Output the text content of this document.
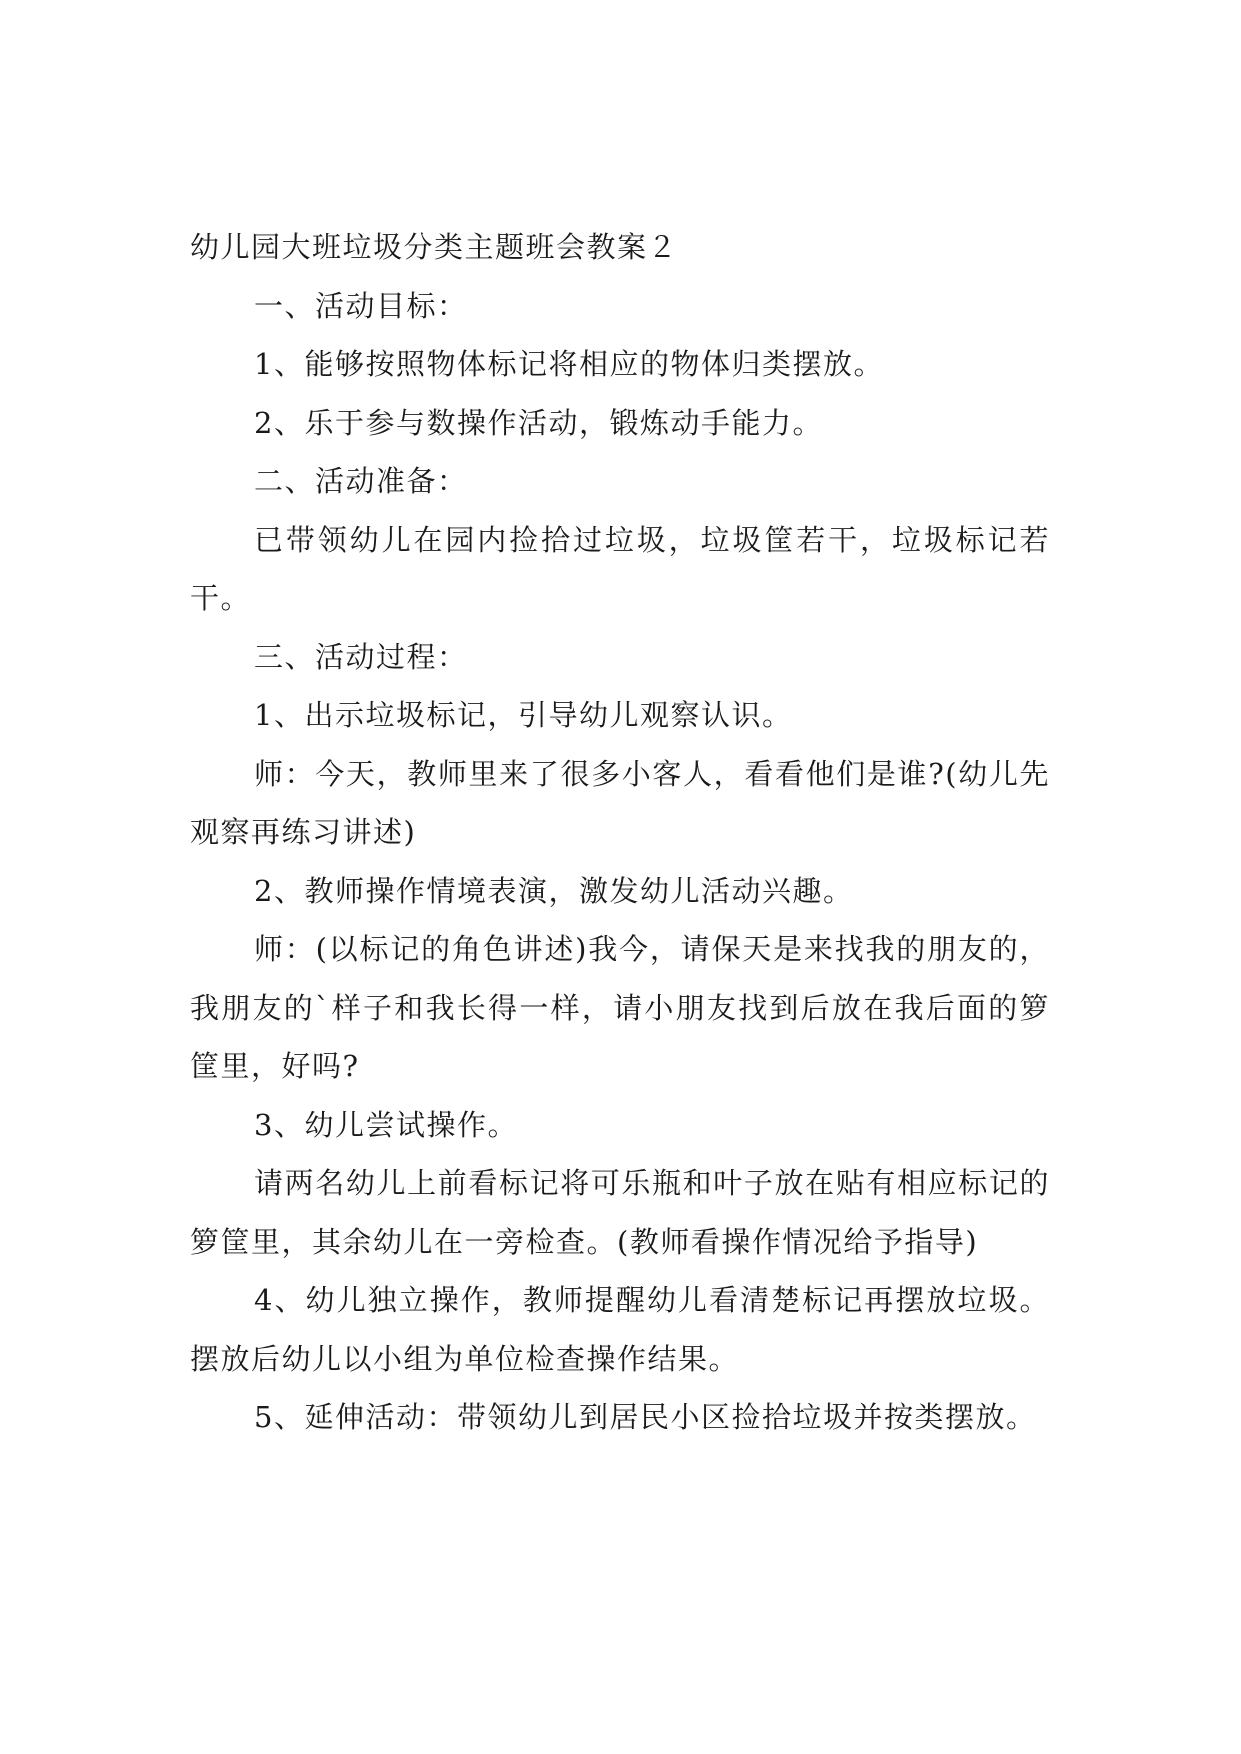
幼儿园大班垃圾分类主题班会教案２
一、活动目标：
1、能够按照物体标记将相应的物体归类摆放。
2、乐于参与数操作活动，锻炼动手能力。
二、活动准备：
已带领幼儿在园内捡拾过垃圾，垃圾筐若干，垃圾标记若干。
三、活动过程：
1、出示垃圾标记，引导幼儿观察认识。
师：今天，教师里来了很多小客人，看看他们是谁?(幼儿先观察再练习讲述)
2、教师操作情境表演，激发幼儿活动兴趣。
师：(以标记的角色讲述)我今，请保天是来找我的朋友的，我朋友的`样子和我长得一样，请小朋友找到后放在我后面的箩筐里，好吗?
3、幼儿尝试操作。
请两名幼儿上前看标记将可乐瓶和叶子放在贴有相应标记的箩筐里，其余幼儿在一旁检查。(教师看操作情况给予指导)
4、幼儿独立操作，教师提醒幼儿看清楚标记再摆放垃圾。摆放后幼儿以小组为单位检查操作结果。
5、延伸活动：带领幼儿到居民小区捡拾垃圾并按类摆放。
